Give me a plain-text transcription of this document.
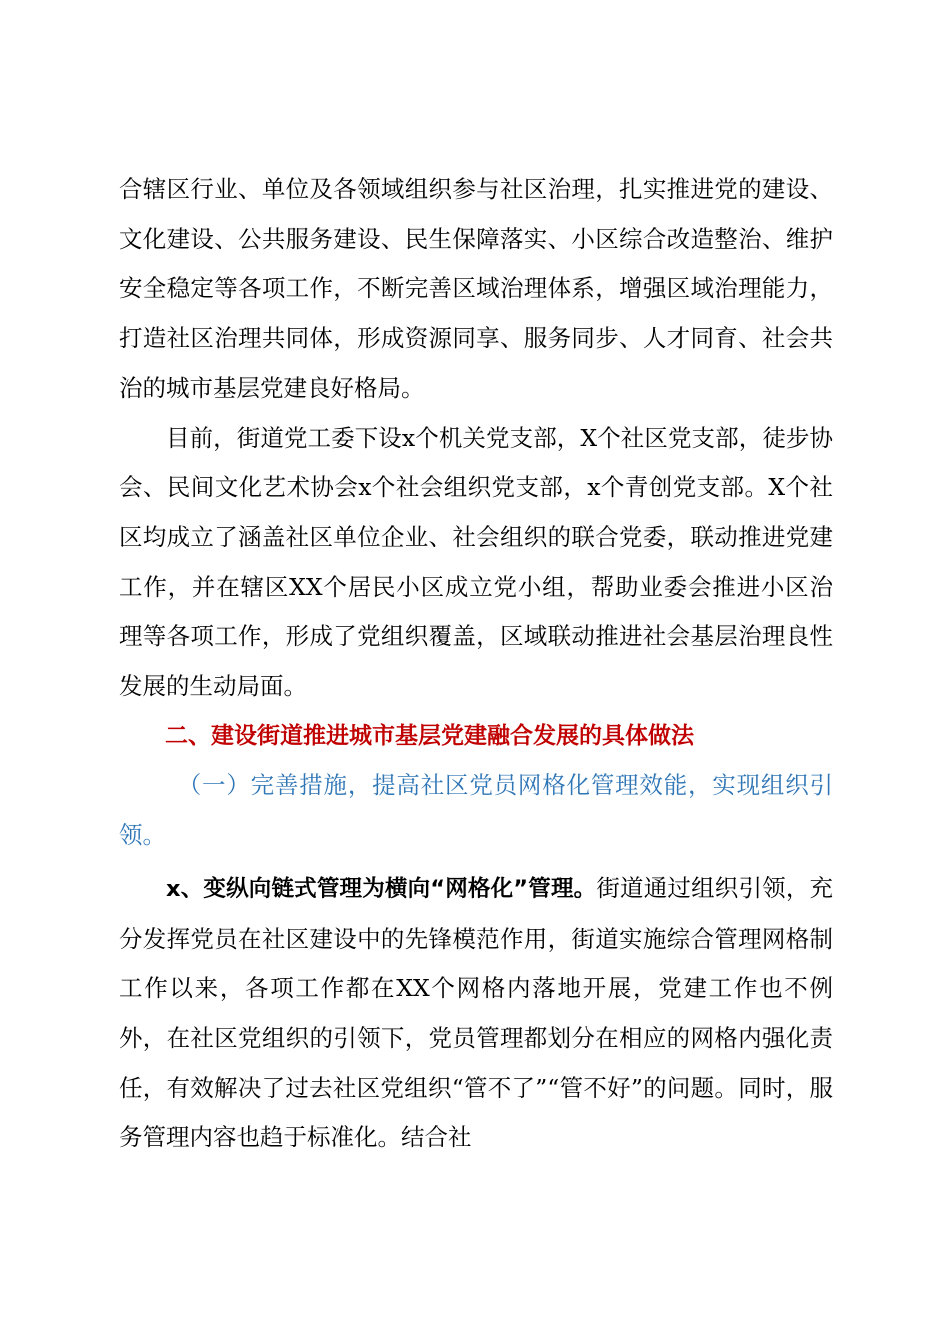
合辖区行业、单位及各领域组织参与社区治理，扎实推进党的建设、文化建设、公共服务建设、民生保障落实、小区综合改造整治、维护安全稳定等各项工作，不断完善区域治理体系，增强区域治理能力，打造社区治理共同体，形成资源同享、服务同步、人才同育、社会共治的城市基层党建良好格局。

目前，街道党工委下设x个机关党支部，X个社区党支部，徒步协会、民间文化艺术协会x个社会组织党支部，x个青创党支部。X个社区均成立了涵盖社区单位企业、社会组织的联合党委，联动推进党建工作，并在辖区XX个居民小区成立党小组，帮助业委会推进小区治理等各项工作，形成了党组织覆盖，区域联动推进社会基层治理良性发展的生动局面。

二、建设街道推进城市基层党建融合发展的具体做法

（一）完善措施，提高社区党员网格化管理效能，实现组织引领。

x、变纵向链式管理为横向“网格化”管理。街道通过组织引领，充分发挥党员在社区建设中的先锋模范作用，街道实施综合管理网格制工作以来，各项工作都在XX个网格内落地开展，党建工作也不例外，在社区党组织的引领下，党员管理都划分在相应的网格内强化责任，有效解决了过去社区党组织“管不了”“管不好”的问题。同时，服务管理内容也趋于标准化。结合社
